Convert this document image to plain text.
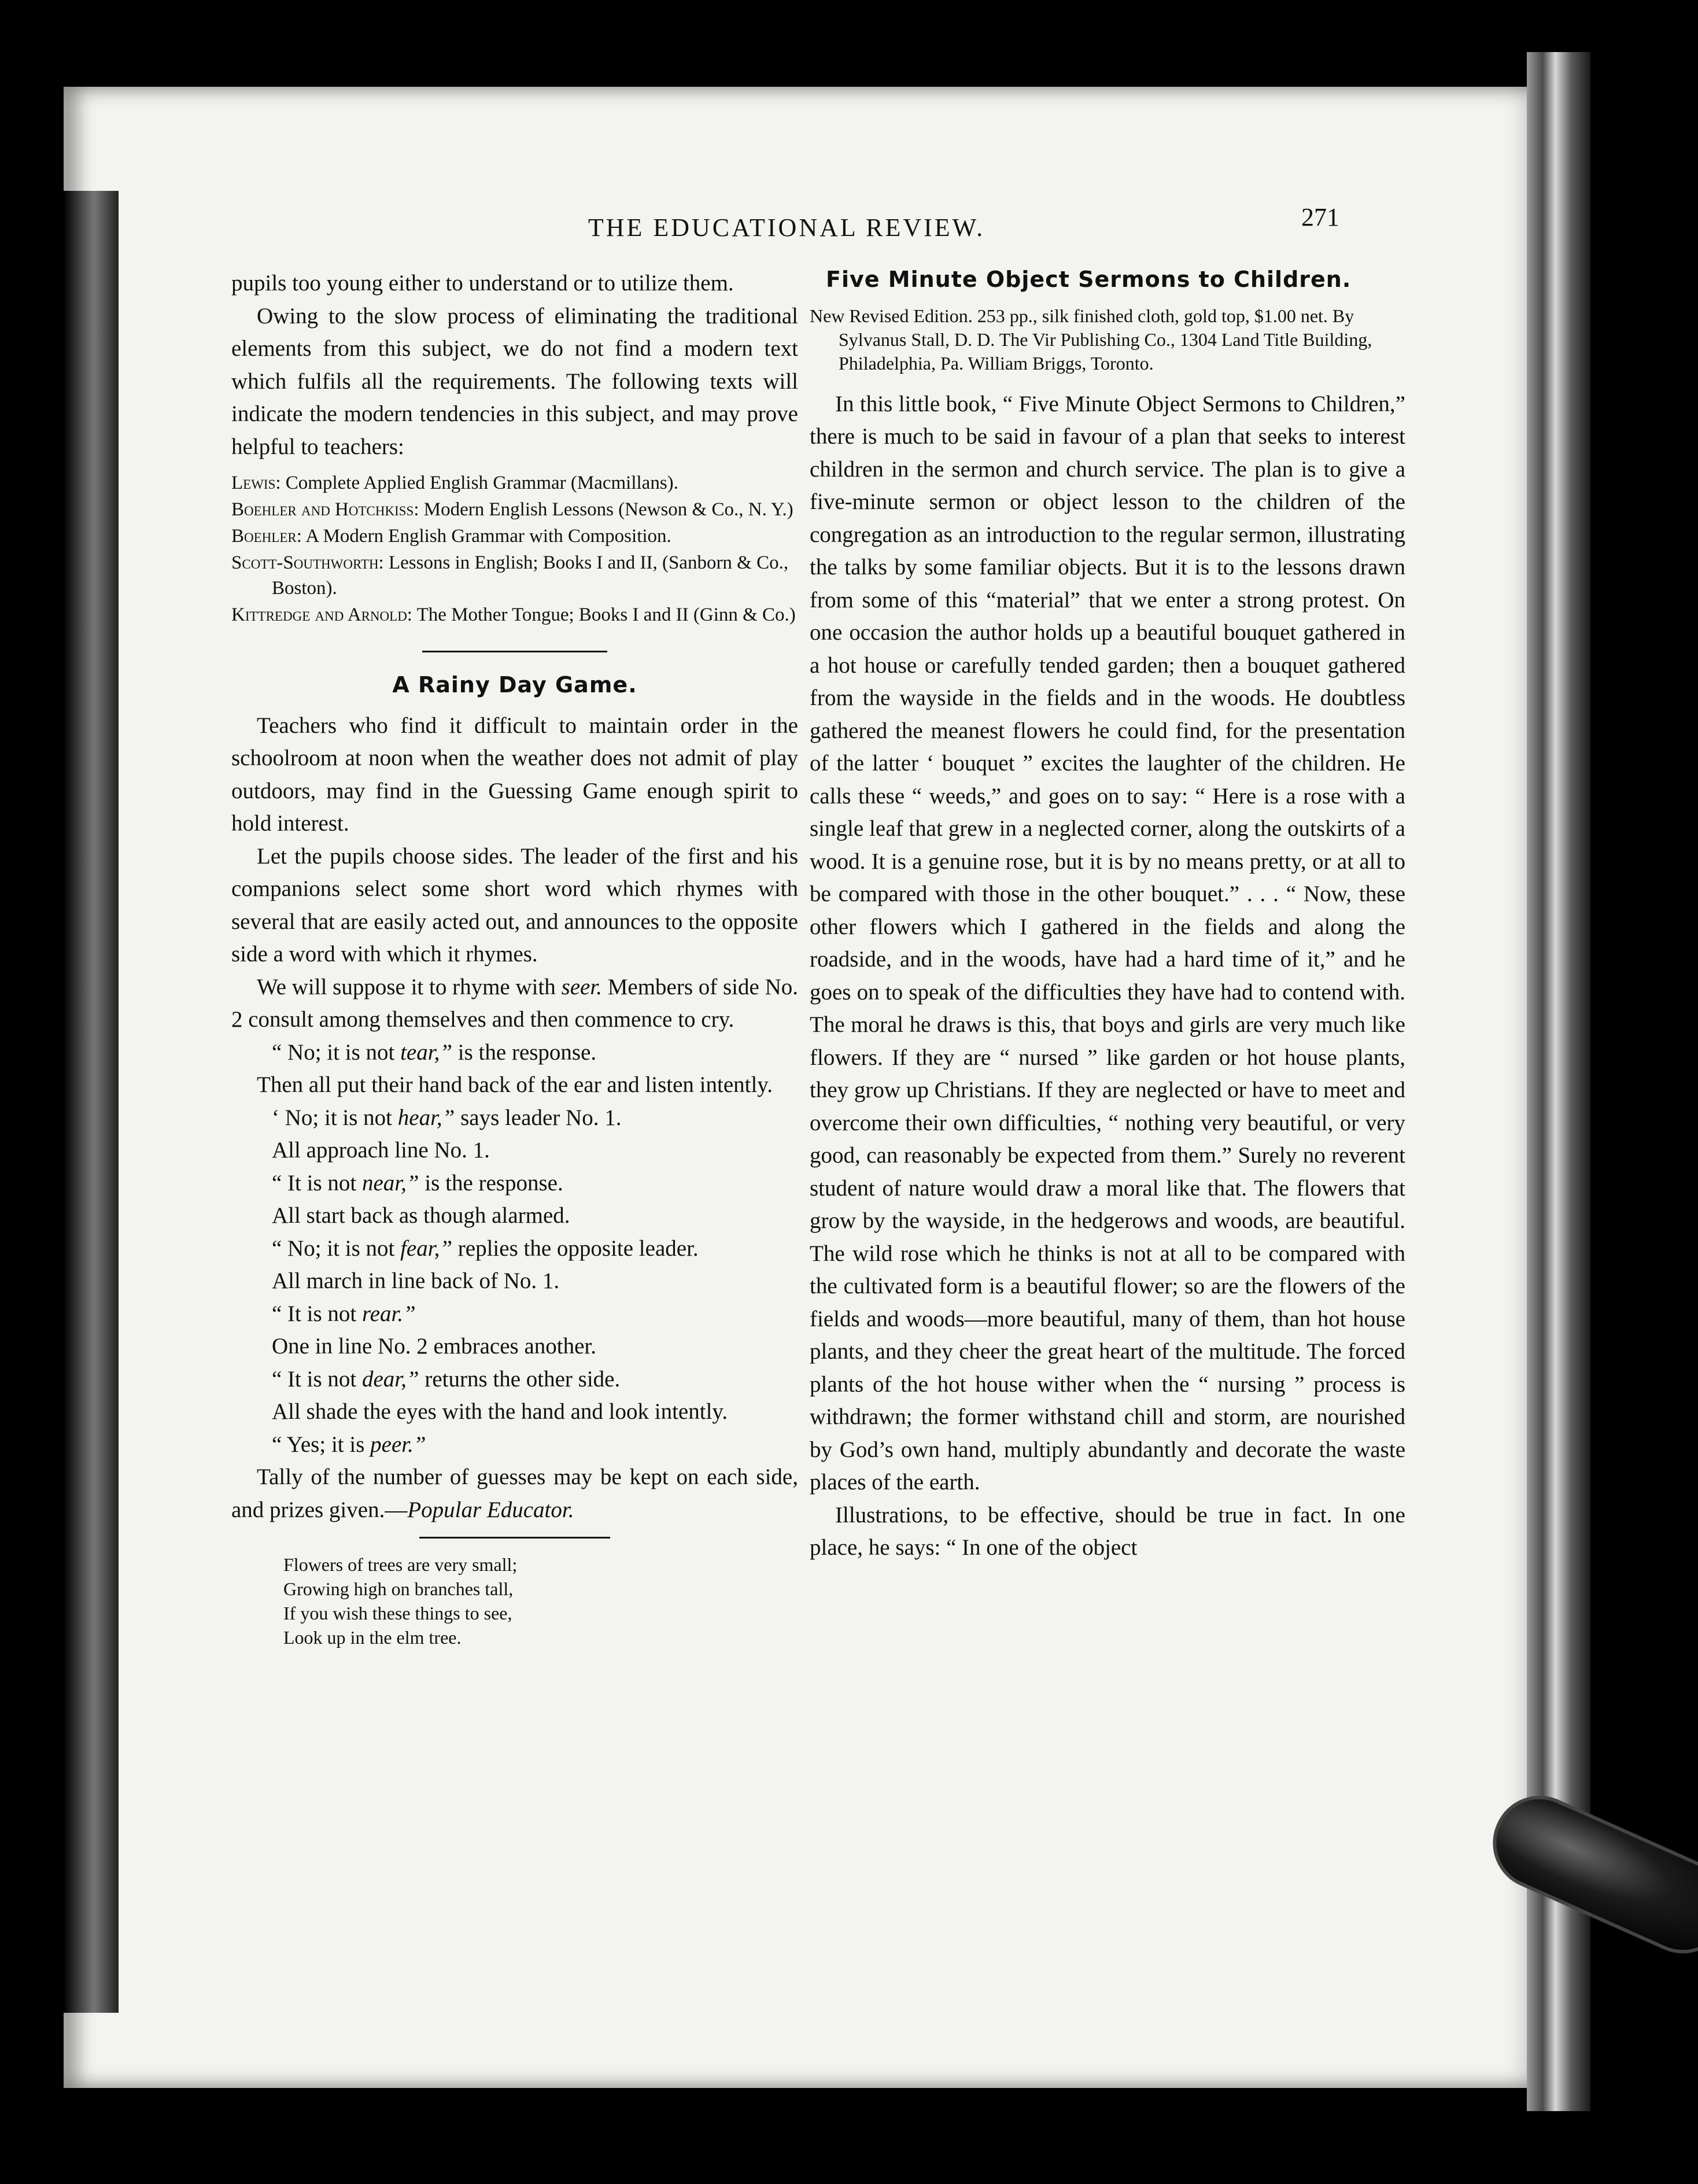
THE EDUCATIONAL REVIEW.	271

pupils too young either to understand or to utilize them.

Owing to the slow process of eliminating the traditional elements from this subject, we do not find a modern text which fulfils all the requirements. The following texts will indicate the modern tendencies in this subject, and may prove helpful to teachers:

Lewis: Complete Applied English Grammar (Macmillans).

Boehler and Hotchkiss: Modern English Lessons (Newson & Co., N. Y.)

Boehler: A Modern English Grammar with Composition.

Scott-Southworth: Lessons in English; Books I and II, (Sanborn & Co., Boston).

Kittredge and Arnold: The Mother Tongue; Books I and II (Ginn & Co.)

A Rainy Day Game.

Teachers who find it difficult to maintain order in the schoolroom at noon when the weather does not admit of play outdoors, may find in the Guessing Game enough spirit to hold interest.

Let the pupils choose sides. The leader of the first and his companions select some short word which rhymes with several that are easily acted out, and announces to the opposite side a word with which it rhymes.

We will suppose it to rhyme with seer. Members of side No. 2 consult among themselves and then commence to cry.

“ No; it is not tear,” is the response.

Then all put their hand back of the ear and listen intently.

‘ No; it is not hear,” says leader No. 1.

All approach line No. 1.

“ It is not near,” is the response.

All start back as though alarmed.

“ No; it is not fear,” replies the opposite leader.

All march in line back of No. 1.

“ It is not rear.”

One in line No. 2 embraces another.

“ It is not dear,” returns the other side.

All shade the eyes with the hand and look intently.

“ Yes; it is peer.”

Tally of the number of guesses may be kept on each side, and prizes given.—Popular Educator.

Flowers of trees are very small;

Growing high on branches tall,

If you wish these things to see,

Look up in the elm tree.

Five Minute Object Sermons to Children.

New Revised Edition. 253 pp., silk finished cloth, gold top, $1.00 net. By Sylvanus Stall, D. D. The Vir Publishing Co., 1304 Land Title Building, Philadelphia, Pa. William Briggs, Toronto.

In this little book, “ Five Minute Object Sermons to Children,” there is much to be said in favour of a plan that seeks to interest children in the sermon and church service. The plan is to give a five-minute sermon or object lesson to the children of the congregation as an introduction to the regular sermon, illustrating the talks by some familiar objects. But it is to the lessons drawn from some of this “material” that we enter a strong protest. On one occasion the author holds up a beautiful bouquet gathered in a hot house or carefully tended garden; then a bouquet gathered from the wayside in the fields and in the woods. He doubtless gathered the meanest flowers he could find, for the presentation of the latter ‘ bouquet ” excites the laughter of the children. He calls these “ weeds,” and goes on to say: “ Here is a rose with a single leaf that grew in a neglected corner, along the outskirts of a wood. It is a genuine rose, but it is by no means pretty, or at all to be compared with those in the other bouquet.” . . . “ Now, these other flowers which I gathered in the fields and along the roadside, and in the woods, have had a hard time of it,” and he goes on to speak of the difficulties they have had to contend with. The moral he draws is this, that boys and girls are very much like flowers. If they are “ nursed ” like garden or hot house plants, they grow up Christians. If they are neglected or have to meet and overcome their own difficulties, “ nothing very beautiful, or very good, can reasonably be expected from them.” Surely no reverent student of nature would draw a moral like that. The flowers that grow by the wayside, in the hedgerows and woods, are beautiful. The wild rose which he thinks is not at all to be compared with the cultivated form is a beautiful flower; so are the flowers of the fields and woods—more beautiful, many of them, than hot house plants, and they cheer the great heart of the multitude. The forced plants of the hot house wither when the “ nursing ” process is withdrawn; the former withstand chill and storm, are nourished by God’s own hand, multiply abundantly and decorate the waste places of the earth.

Illustrations, to be effective, should be true in fact. In one place, he says: “ In one of the object
